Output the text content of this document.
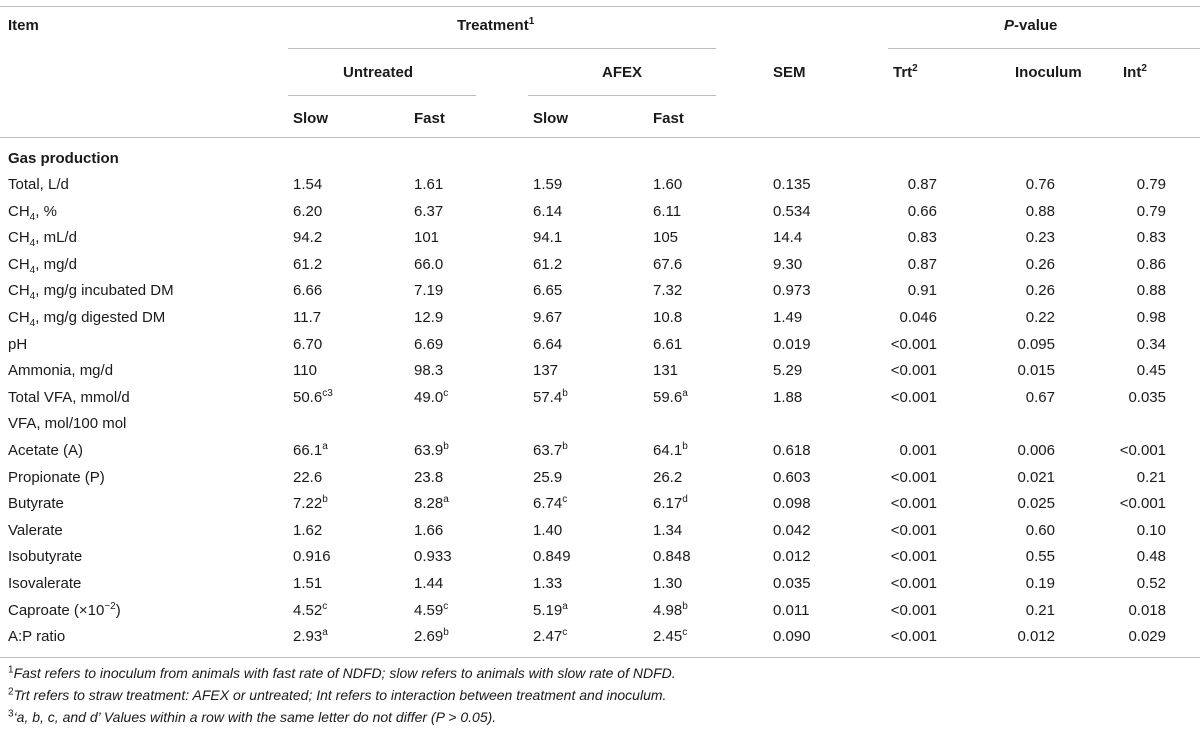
Item	Treatment$^1$	P-value
Untreated	AFEX	SEM	Trt$^2$	Inoculum	Int$^2$
Slow	Fast	Slow	Fast
Gas production
Total, L/d	1.54	1.61	1.59	1.60	0.135	0.87	0.76	0.79
$CH_4$, %	6.20	6.37	6.14	6.11	0.534	0.66	0.88	0.79
$CH_4$, mL/d	94.2	101	94.1	105	14.4	0.83	0.23	0.83
$CH_4$, mg/d	61.2	66.0	61.2	67.6	9.30	0.87	0.26	0.86
$CH_4$, mg/g incubated DM	6.66	7.19	6.65	7.32	0.973	0.91	0.26	0.88
$CH_4$, mg/g digested DM	11.7	12.9	9.67	10.8	1.49	0.046	0.22	0.98
pH	6.70	6.69	6.64	6.61	0.019	<0.001	0.095	0.34
Ammonia, mg/d	110	98.3	137	131	5.29	<0.001	0.015	0.45
Total VFA, mmol/d	$50.6^{c3}$	49.0$^c$	57.4$^b$	59.6$^a$	1.88	<0.001	0.67	0.035
VFA, mol/100 mol
Acetate (A)	66.1$^a$	63.9$^b$	63.7$^b$	64.1$^b$	0.618	0.001	0.006	<0.001
Propionate (P)	22.6	23.8	25.9	26.2	0.603	<0.001	0.021	0.21
Butyrate	7.22$^b$	8.28$^a$	6.74$^c$	6.17$^d$	0.098	<0.001	0.025	<0.001
Valerate	1.62	1.66	1.40	1.34	0.042	<0.001	0.60	0.10
Isobutyrate	0.916	0.933	0.849	0.848	0.012	<0.001	0.55	0.48
Isovalerate	1.51	1.44	1.33	1.30	0.035	<0.001	0.19	0.52
Caproate $(\times 10^{-2})$	4.52$^c$	4.59$^c$	5.19$^a$	4.98$^b$	0.011	<0.001	0.21	0.018
A:P ratio	2.93$^a$	2.69$^b$	2.47$^c$	2.45$^c$	0.090	<0.001	0.012	0.029
$^1$Fast refers to inoculum from animals with fast rate of NDFD; slow refers to animals with slow rate of NDFD.
$^2$Trt refers to straw treatment: AFEX or untreated; Int refers to interaction between treatment and inoculum.
$^3$‘a, b, c, and d’ Values within a row with the same letter do not differ (P > 0.05).
